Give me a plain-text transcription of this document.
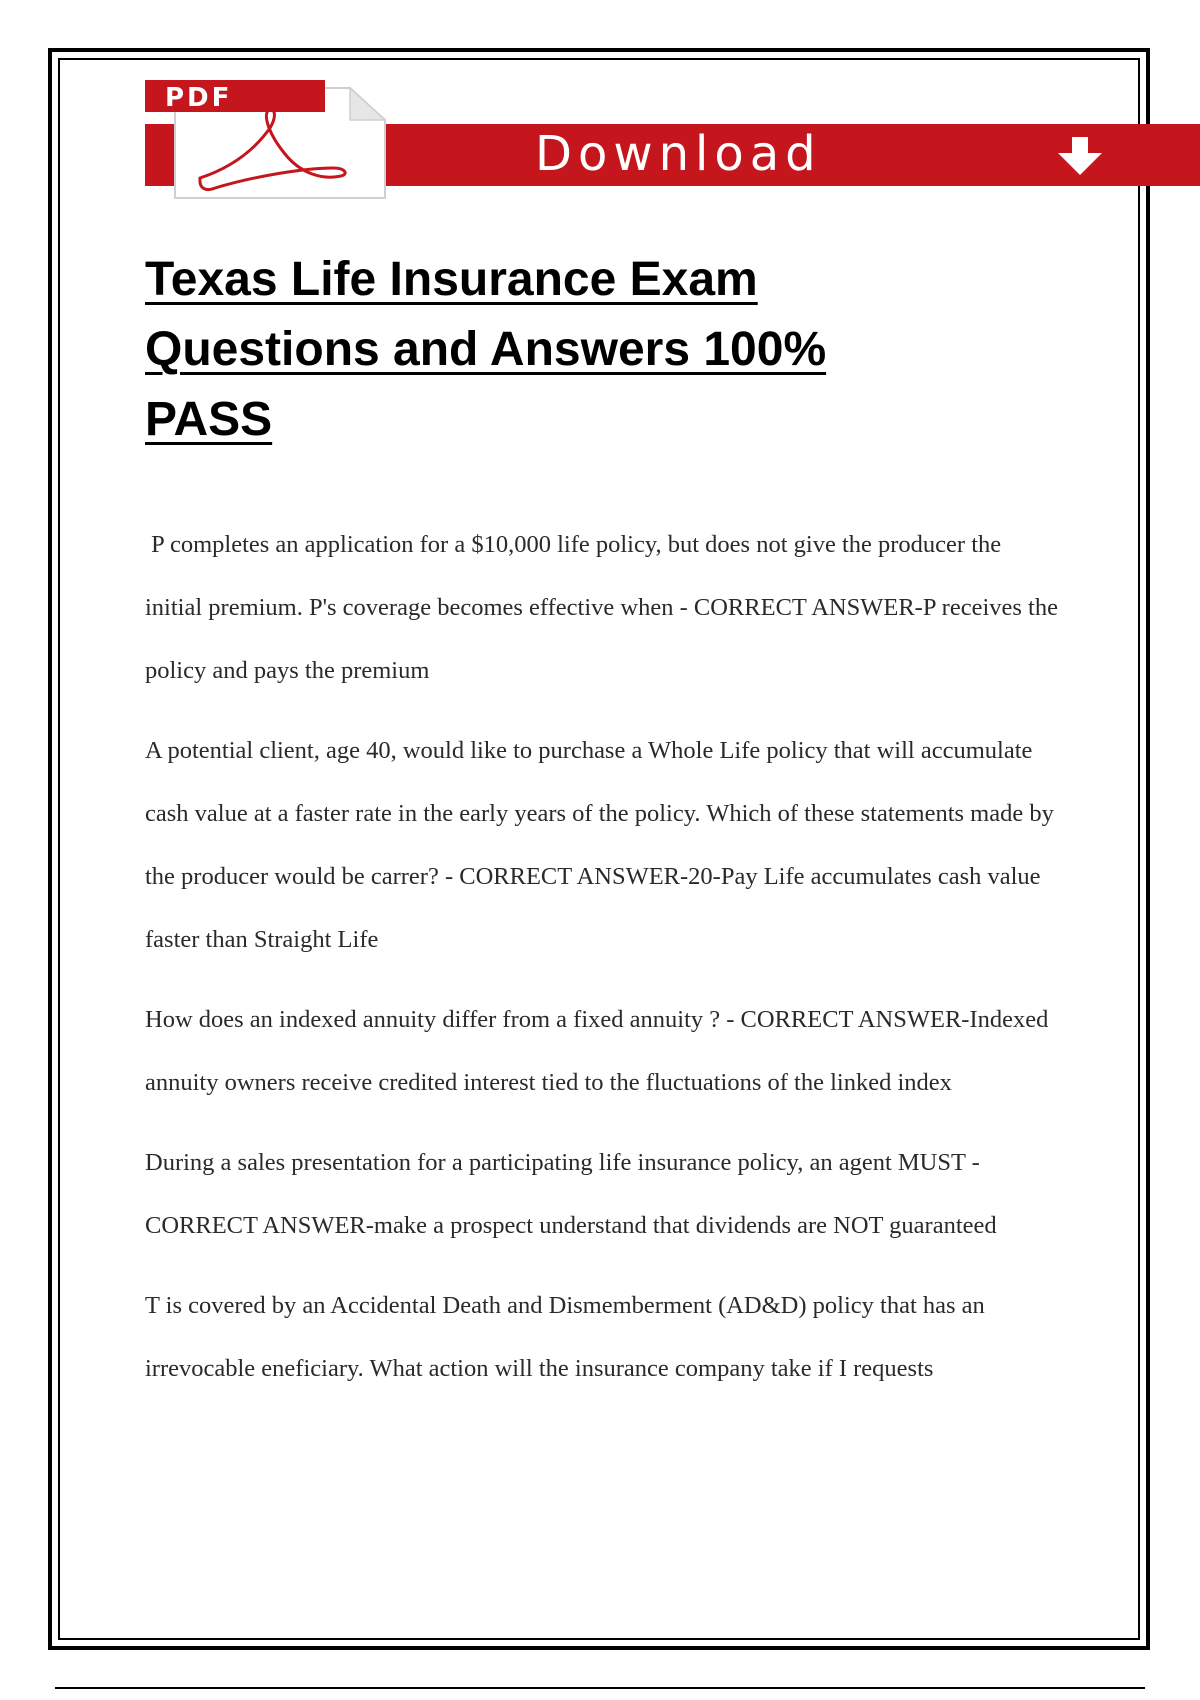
Download
PDF
Texas Life Insurance Exam
Questions and Answers 100%
PASS

P completes an application for a $10,000 life policy, but does not give the producer the initial premium. P's coverage becomes effective when - CORRECT ANSWER-P receives the policy and pays the premium

A potential client, age 40, would like to purchase a Whole Life policy that will accumulate cash value at a faster rate in the early years of the policy. Which of these statements made by the producer would be carrer? - CORRECT ANSWER-20-Pay Life accumulates cash value faster than Straight Life

How does an indexed annuity differ from a fixed annuity ? - CORRECT ANSWER-Indexed annuity owners receive credited interest tied to the fluctuations of the linked index

During a sales presentation for a participating life insurance policy, an agent MUST - CORRECT ANSWER-make a prospect understand that dividends are NOT guaranteed

T is covered by an Accidental Death and Dismemberment (AD&D) policy that has an irrevocable eneficiary. What action will the insurance company take if I requests
